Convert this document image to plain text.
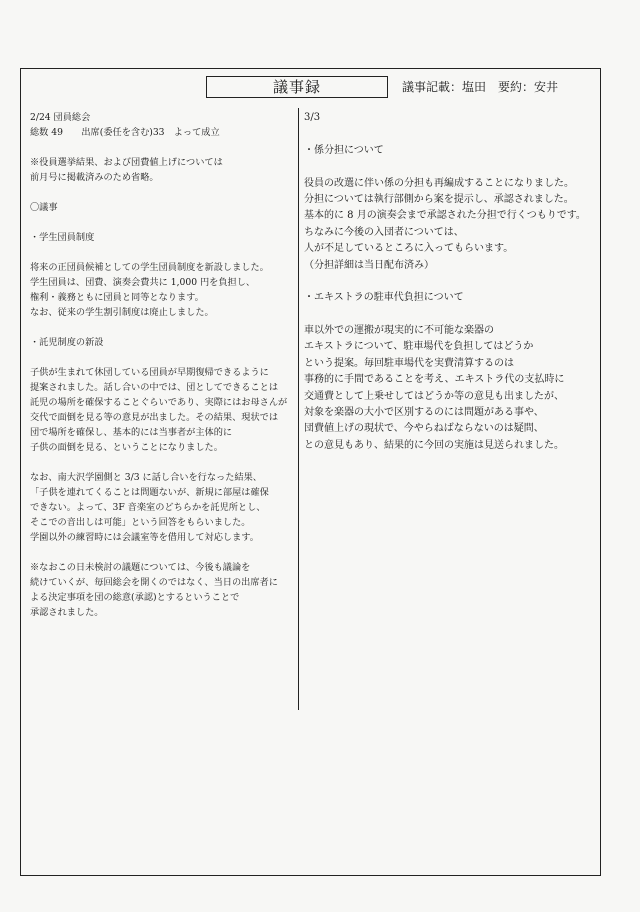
議事録	議事記載：塩田　要約：安井
2/24 団員総会
総数 49　　出席(委任を含む)33　よって成立
※役員選挙結果、および団費値上げについては
前月号に掲載済みのため省略。
〇議事
・学生団員制度
将来の正団員候補としての学生団員制度を新設しました。
学生団員は、団費、演奏会費共に 1,000 円を負担し、
権利・義務ともに団員と同等となります。
なお、従来の学生割引制度は廃止しました。
・託児制度の新設
子供が生まれて休団している団員が早期復帰できるように
提案されました。話し合いの中では、団としてできることは
託児の場所を確保することぐらいであり、実際にはお母さんが
交代で面倒を見る等の意見が出ました。その結果、現状では
団で場所を確保し、基本的には当事者が主体的に
子供の面倒を見る、ということになりました。
なお、南大沢学園側と 3/3 に話し合いを行なった結果、
「子供を連れてくることは問題ないが、新規に部屋は確保
できない。よって、3F 音楽室のどちらかを託児所とし、
そこでの音出しは可能」という回答をもらいました。
学園以外の練習時には会議室等を借用して対応します。
※なおこの日未検討の議題については、今後も議論を
続けていくが、毎回総会を開くのではなく、当日の出席者に
よる決定事項を団の総意(承認)とするということで
承認されました。
3/3
・係分担について
役員の改選に伴い係の分担も再編成することになりました。
分担については執行部側から案を提示し、承認されました。
基本的に 8 月の演奏会まで承認された分担で行くつもりです。
ちなみに今後の入団者については、
人が不足しているところに入ってもらいます。
（分担詳細は当日配布済み）
・エキストラの駐車代負担について
車以外での運搬が現実的に不可能な楽器の
エキストラについて、駐車場代を負担してはどうか
という提案。毎回駐車場代を実費清算するのは
事務的に手間であることを考え、エキストラ代の支払時に
交通費として上乗せしてはどうか等の意見も出ましたが、
対象を楽器の大小で区別するのには問題がある事や、
団費値上げの現状で、今やらねばならないのは疑問、
との意見もあり、結果的に今回の実施は見送られました。
